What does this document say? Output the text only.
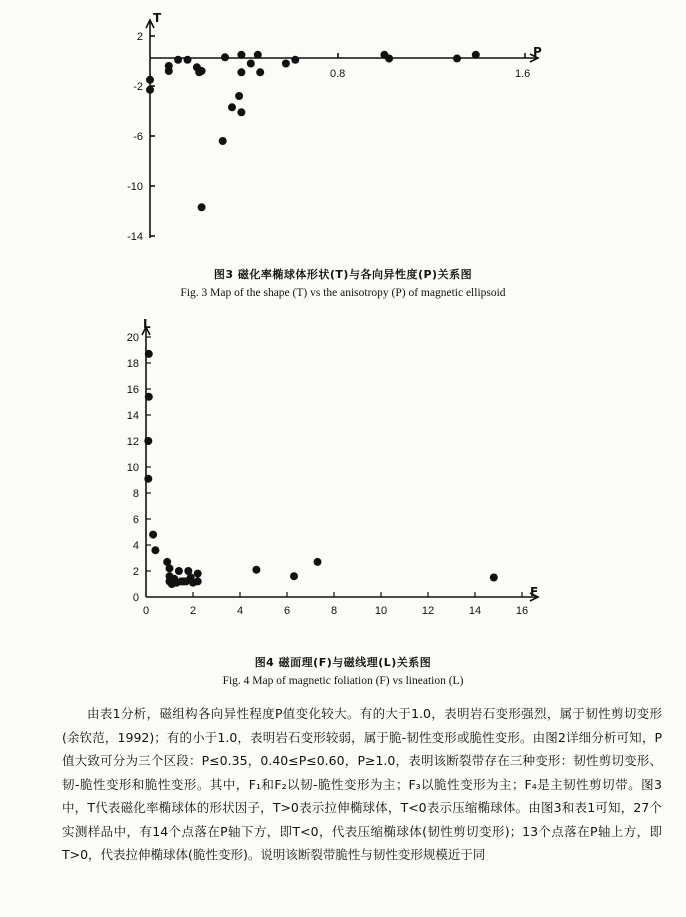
T
P
0.8	1.6
2
-2
-6
-10
-14
图3 磁化率椭球体形状(T)与各向异性度(P)关系图
Fig. 3 Map of the shape (T) vs the anisotropy (P) of magnetic ellipsoid
L
F
0	2	4	6	8	10	12	14	16
0
2
4
6
8
10
12
14
16
18
20
图4 磁面理(F)与磁线理(L)关系图
Fig. 4 Map of magnetic foliation (F) vs lineation (L)

由表1分析，磁组构各向异性程度P值变化较大。有的大于1.0，表明岩石变形强烈，属于韧性剪切变形(余钦范，1992)；有的小于1.0，表明岩石变形较弱，属于脆-韧性变形或脆性变形。由图2详细分析可知，P值大致可分为三个区段：P≤0.35，0.40≤P≤0.60，P≥1.0，表明该断裂带存在三种变形：韧性剪切变形、韧-脆性变形和脆性变形。其中，F₁和F₂以韧-脆性变形为主；F₃以脆性变形为主；F₄是主韧性剪切带。图3中，T代表磁化率椭球体的形状因子，T>0表示拉伸椭球体，T<0表示压缩椭球体。由图3和表1可知，27个实测样品中，有14个点落在P轴下方，即T<0，代表压缩椭球体(韧性剪切变形)；13个点落在P轴上方，即T>0，代表拉伸椭球体(脆性变形)。说明该断裂带脆性与韧性变形规模近于同
